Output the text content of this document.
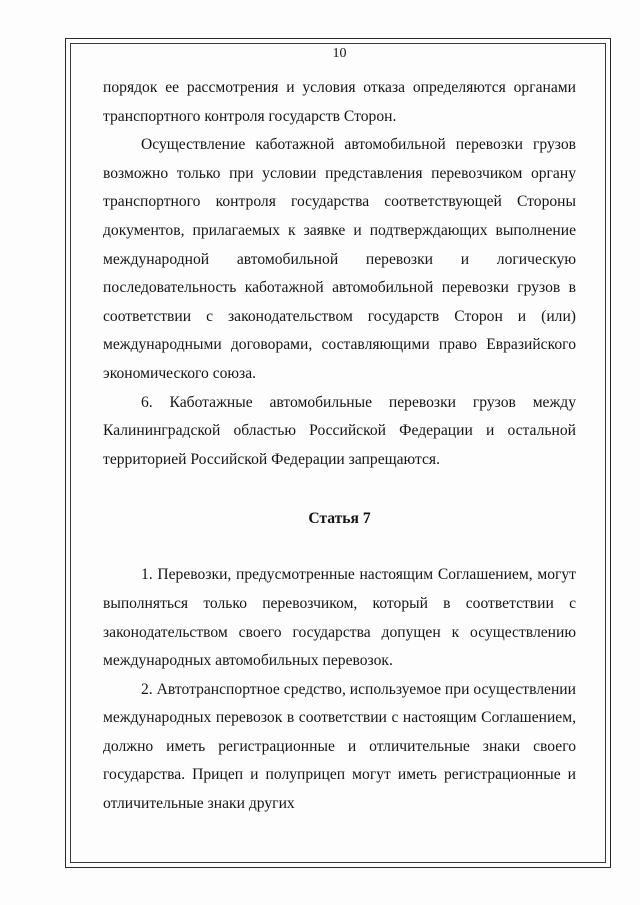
10

порядок ее рассмотрения и условия отказа определяются органами транспортного контроля государств Сторон.

Осуществление каботажной автомобильной перевозки грузов возможно только при условии представления перевозчиком органу транспортного контроля государства соответствующей Стороны документов, прилагаемых к заявке и подтверждающих выполнение международной автомобильной перевозки и логическую последовательность каботажной автомобильной перевозки грузов в соответствии с законодательством государств Сторон и (или) международными договорами, составляющими право Евразийского экономического союза.

6. Каботажные автомобильные перевозки грузов между Калининградской областью Российской Федерации и остальной территорией Российской Федерации запрещаются.

Статья 7

1. Перевозки, предусмотренные настоящим Соглашением, могут выполняться только перевозчиком, который в соответствии с законодательством своего государства допущен к осуществлению международных автомобильных перевозок.

2. Автотранспортное средство, используемое при осуществлении международных перевозок в соответствии с настоящим Соглашением, должно иметь регистрационные и отличительные знаки своего государства. Прицеп и полуприцеп могут иметь регистрационные и отличительные знаки других
